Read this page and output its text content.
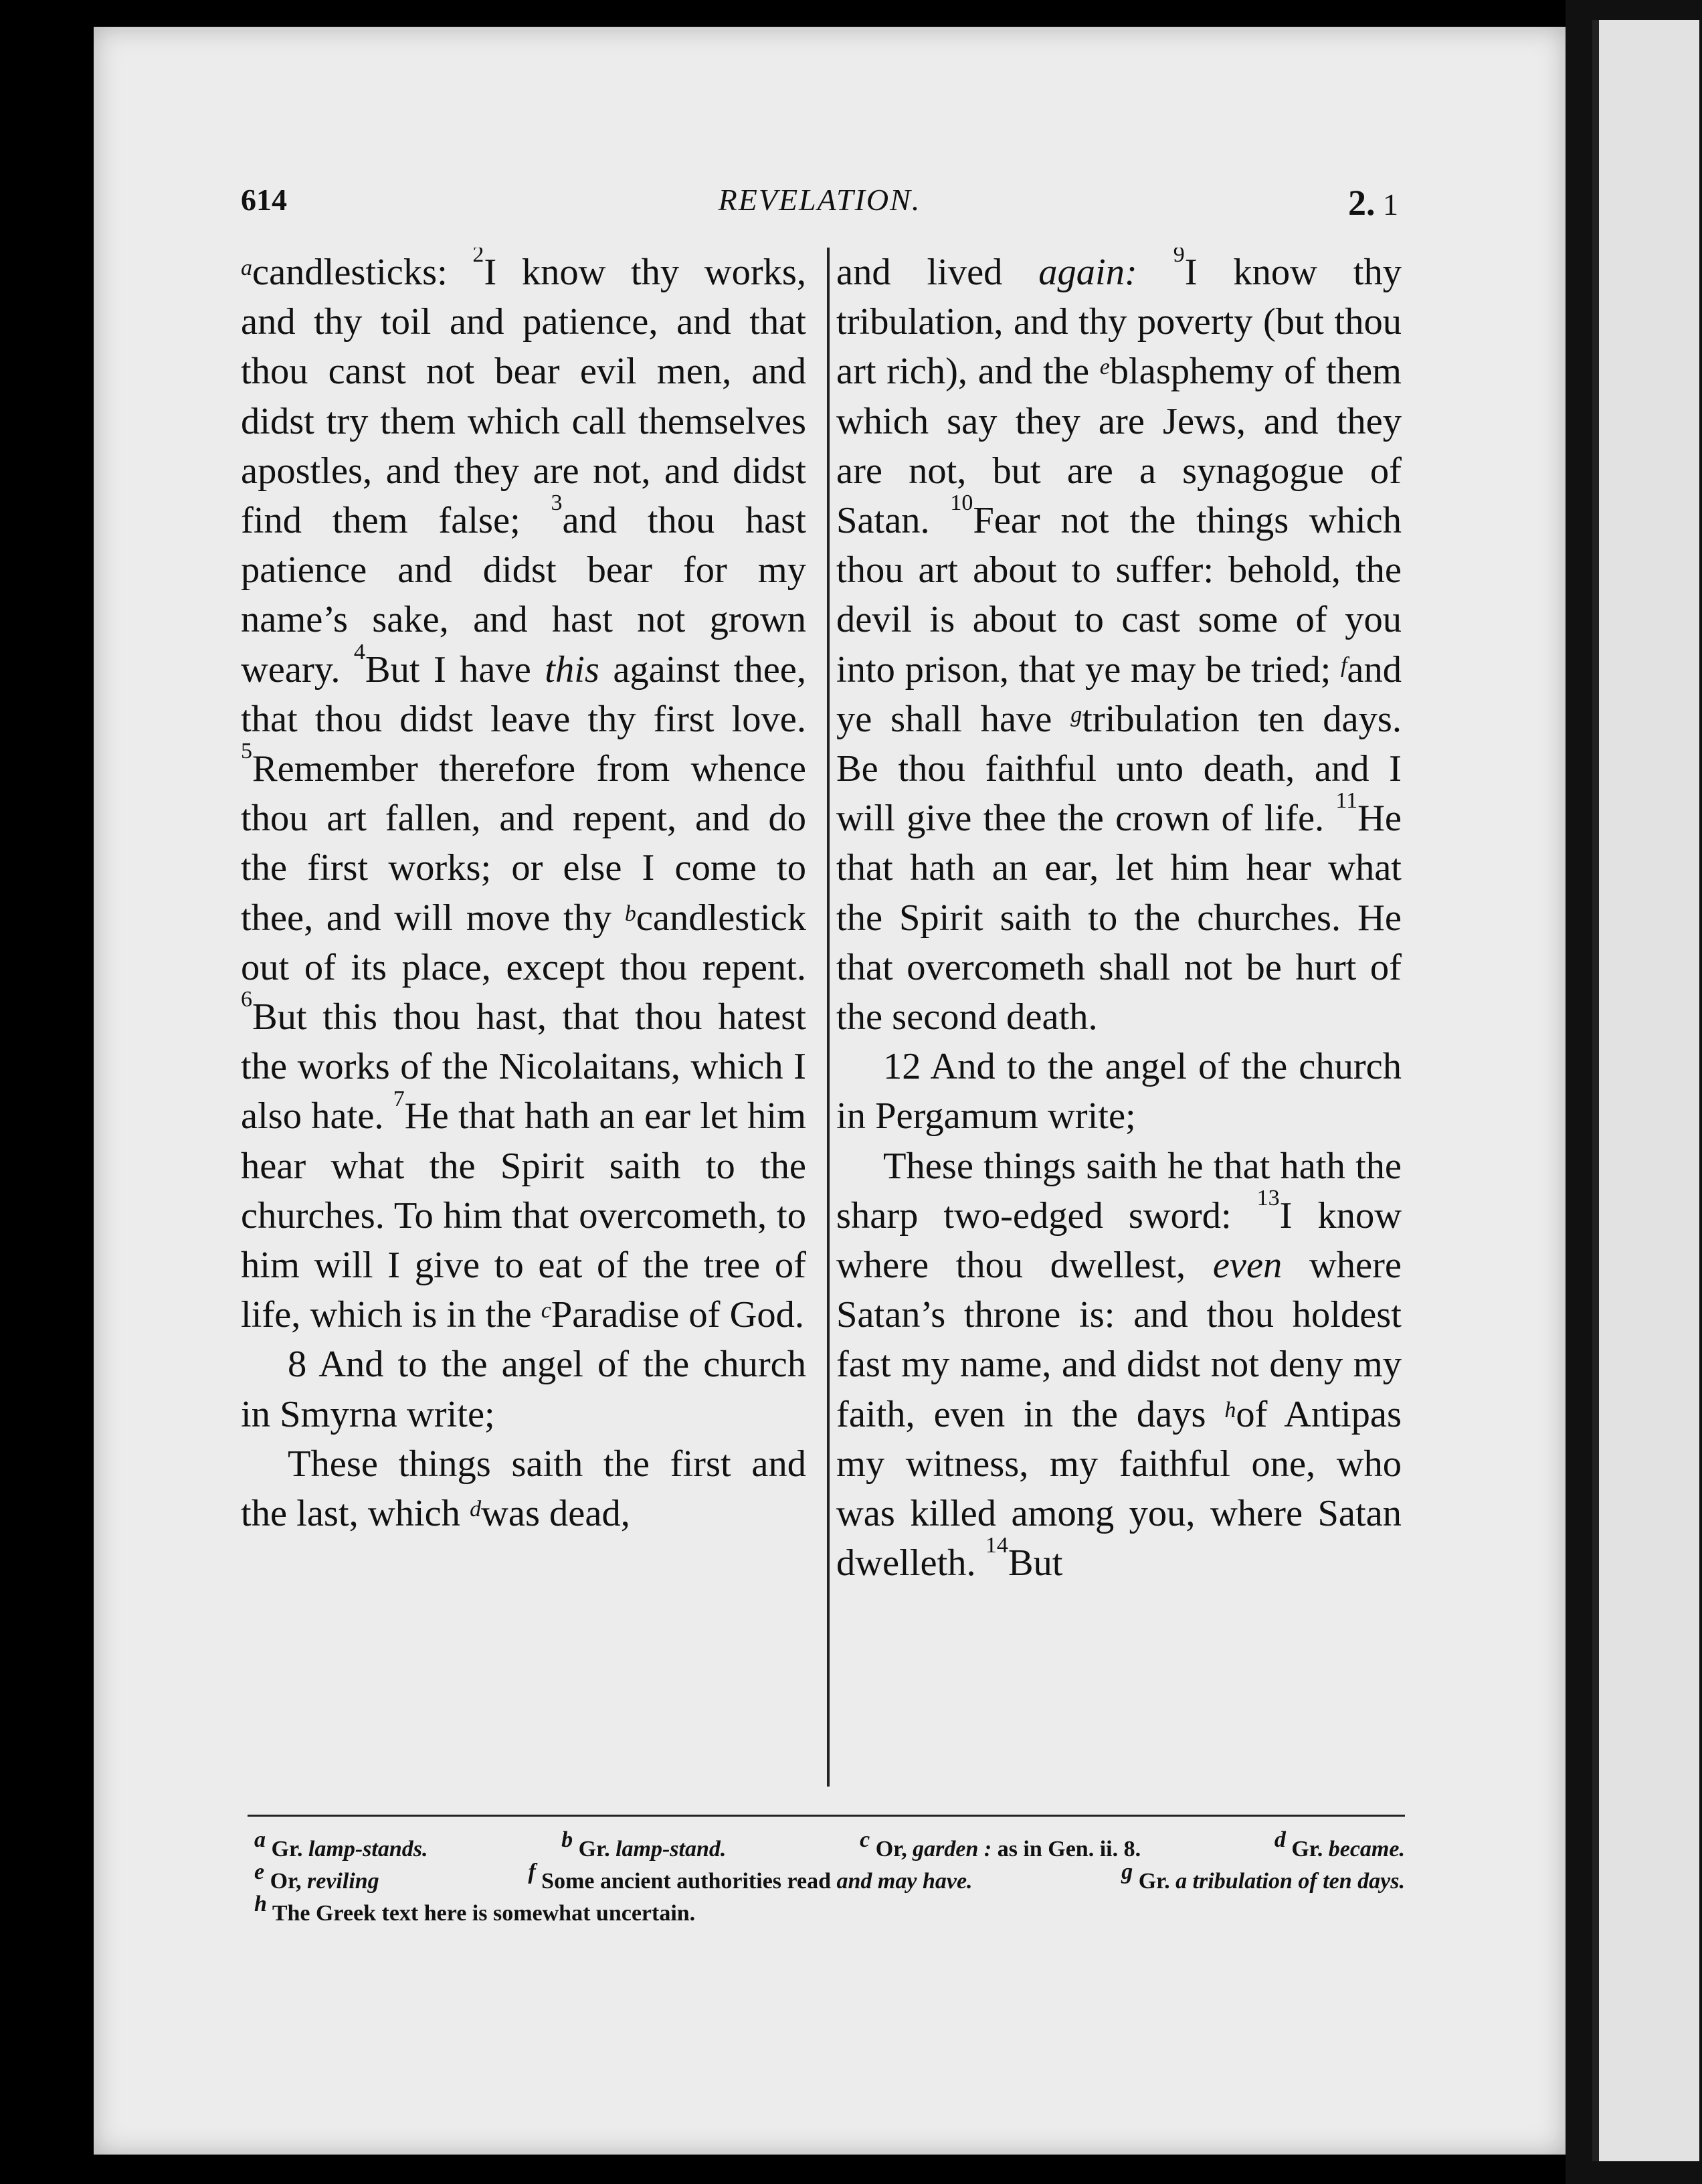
614	REVELATION.	2. 1

$^a$candlesticks: $^2$I know thy works, and thy toil and patience, and that thou canst not bear evil men, and didst try them which call themselves apostles, and they are not, and didst find them false; $^3$and thou hast patience and didst bear for my name’s sake, and hast not grown weary. $^4$But I have this against thee, that thou didst leave thy first love. $^5$Remember therefore from whence thou art fallen, and repent, and do the first works; or else I come to thee, and will move thy $^b$candlestick out of its place, except thou repent. $^6$But this thou hast, that thou hatest the works of the Nicolaitans, which I also hate. $^7$He that hath an ear let him hear what the Spirit saith to the churches. To him that overcometh, to him will I give to eat of the tree of life, which is in the $^c$Paradise of God.

8 And to the angel of the church in Smyrna write;

These things saith the first and the last, which $^d$was dead,

and lived again: $^9$I know thy tribulation, and thy poverty (but thou art rich), and the $^e$blasphemy of them which say they are Jews, and they are not, but are a synagogue of Satan. $^{10}$Fear not the things which thou art about to suffer: behold, the devil is about to cast some of you into prison, that ye may be tried; $^f$and ye shall have $^g$tribulation ten days. Be thou faithful unto death, and I will give thee the crown of life. $^{11}$He that hath an ear, let him hear what the Spirit saith to the churches. He that overcometh shall not be hurt of the second death.

12 And to the angel of the church in Pergamum write;

These things saith he that hath the sharp two-edged sword: $^{13}$I know where thou dwellest, even where Satan’s throne is: and thou holdest fast my name, and didst not deny my faith, even in the days $^h$of Antipas my witness, my faithful one, who was killed among you, where Satan dwelleth. $^{14}$But

a Gr. lamp-stands.	b Gr. lamp-stand.	c Or, garden : as in Gen. ii. 8.	d Gr. became.
e Or, reviling	f Some ancient authorities read and may have.	g Gr. a tribulation of ten days.
h The Greek text here is somewhat uncertain.
